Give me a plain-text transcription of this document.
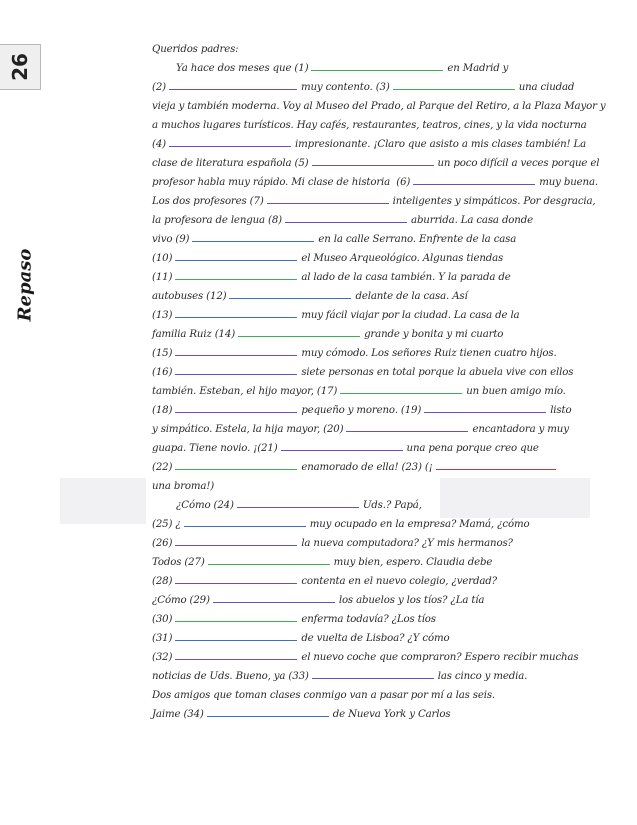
26
Repaso
Queridos padres:
Ya hace dos meses que (1)	en Madrid y
(2)	muy contento. (3)	una ciudad
vieja y también moderna. Voy al Museo del Prado, al Parque del Retiro, a la Plaza Mayor y
a muchos lugares turísticos. Hay cafés, restaurantes, teatros, cines, y la vida nocturna
(4)	impresionante. ¡Claro que asisto a mis clases también! La
clase de literatura española (5)	un poco difícil a veces porque el
profesor habla muy rápido. Mi clase de historia  (6)	muy buena.
Los dos profesores (7)	inteligentes y simpáticos. Por desgracia,
la profesora de lengua (8)	aburrida. La casa donde
vivo (9)	en la calle Serrano. Enfrente de la casa
(10)	el Museo Arqueológico. Algunas tiendas
(11)	al lado de la casa también. Y la parada de
autobuses (12)	delante de la casa. Así
(13)	muy fácil viajar por la ciudad. La casa de la
familia Ruiz (14)	grande y bonita y mi cuarto
(15)	muy cómodo. Los señores Ruiz tienen cuatro hijos.
(16)	siete personas en total porque la abuela vive con ellos
también. Esteban, el hijo mayor, (17)	un buen amigo mío.
(18)	pequeño y moreno. (19)	listo
y simpático. Estela, la hija mayor, (20)	encantadora y muy
guapa. Tiene novio. ¡(21)	una pena porque creo que
(22)	enamorado de ella! (23) (¡
una broma!)
¿Cómo (24)	Uds.? Papá,
(25) ¿	muy ocupado en la empresa? Mamá, ¿cómo
(26)	la nueva computadora? ¿Y mis hermanos?
Todos (27)	muy bien, espero. Claudia debe
(28)	contenta en el nuevo colegio, ¿verdad?
¿Cómo (29)	los abuelos y los tíos? ¿La tía
(30)	enferma todavía? ¿Los tíos
(31)	de vuelta de Lisboa? ¿Y cómo
(32)	el nuevo coche que compraron? Espero recibir muchas
noticias de Uds. Bueno, ya (33)	las cinco y media.
Dos amigos que toman clases conmigo van a pasar por mí a las seis.
Jaime (34)	de Nueva York y Carlos
